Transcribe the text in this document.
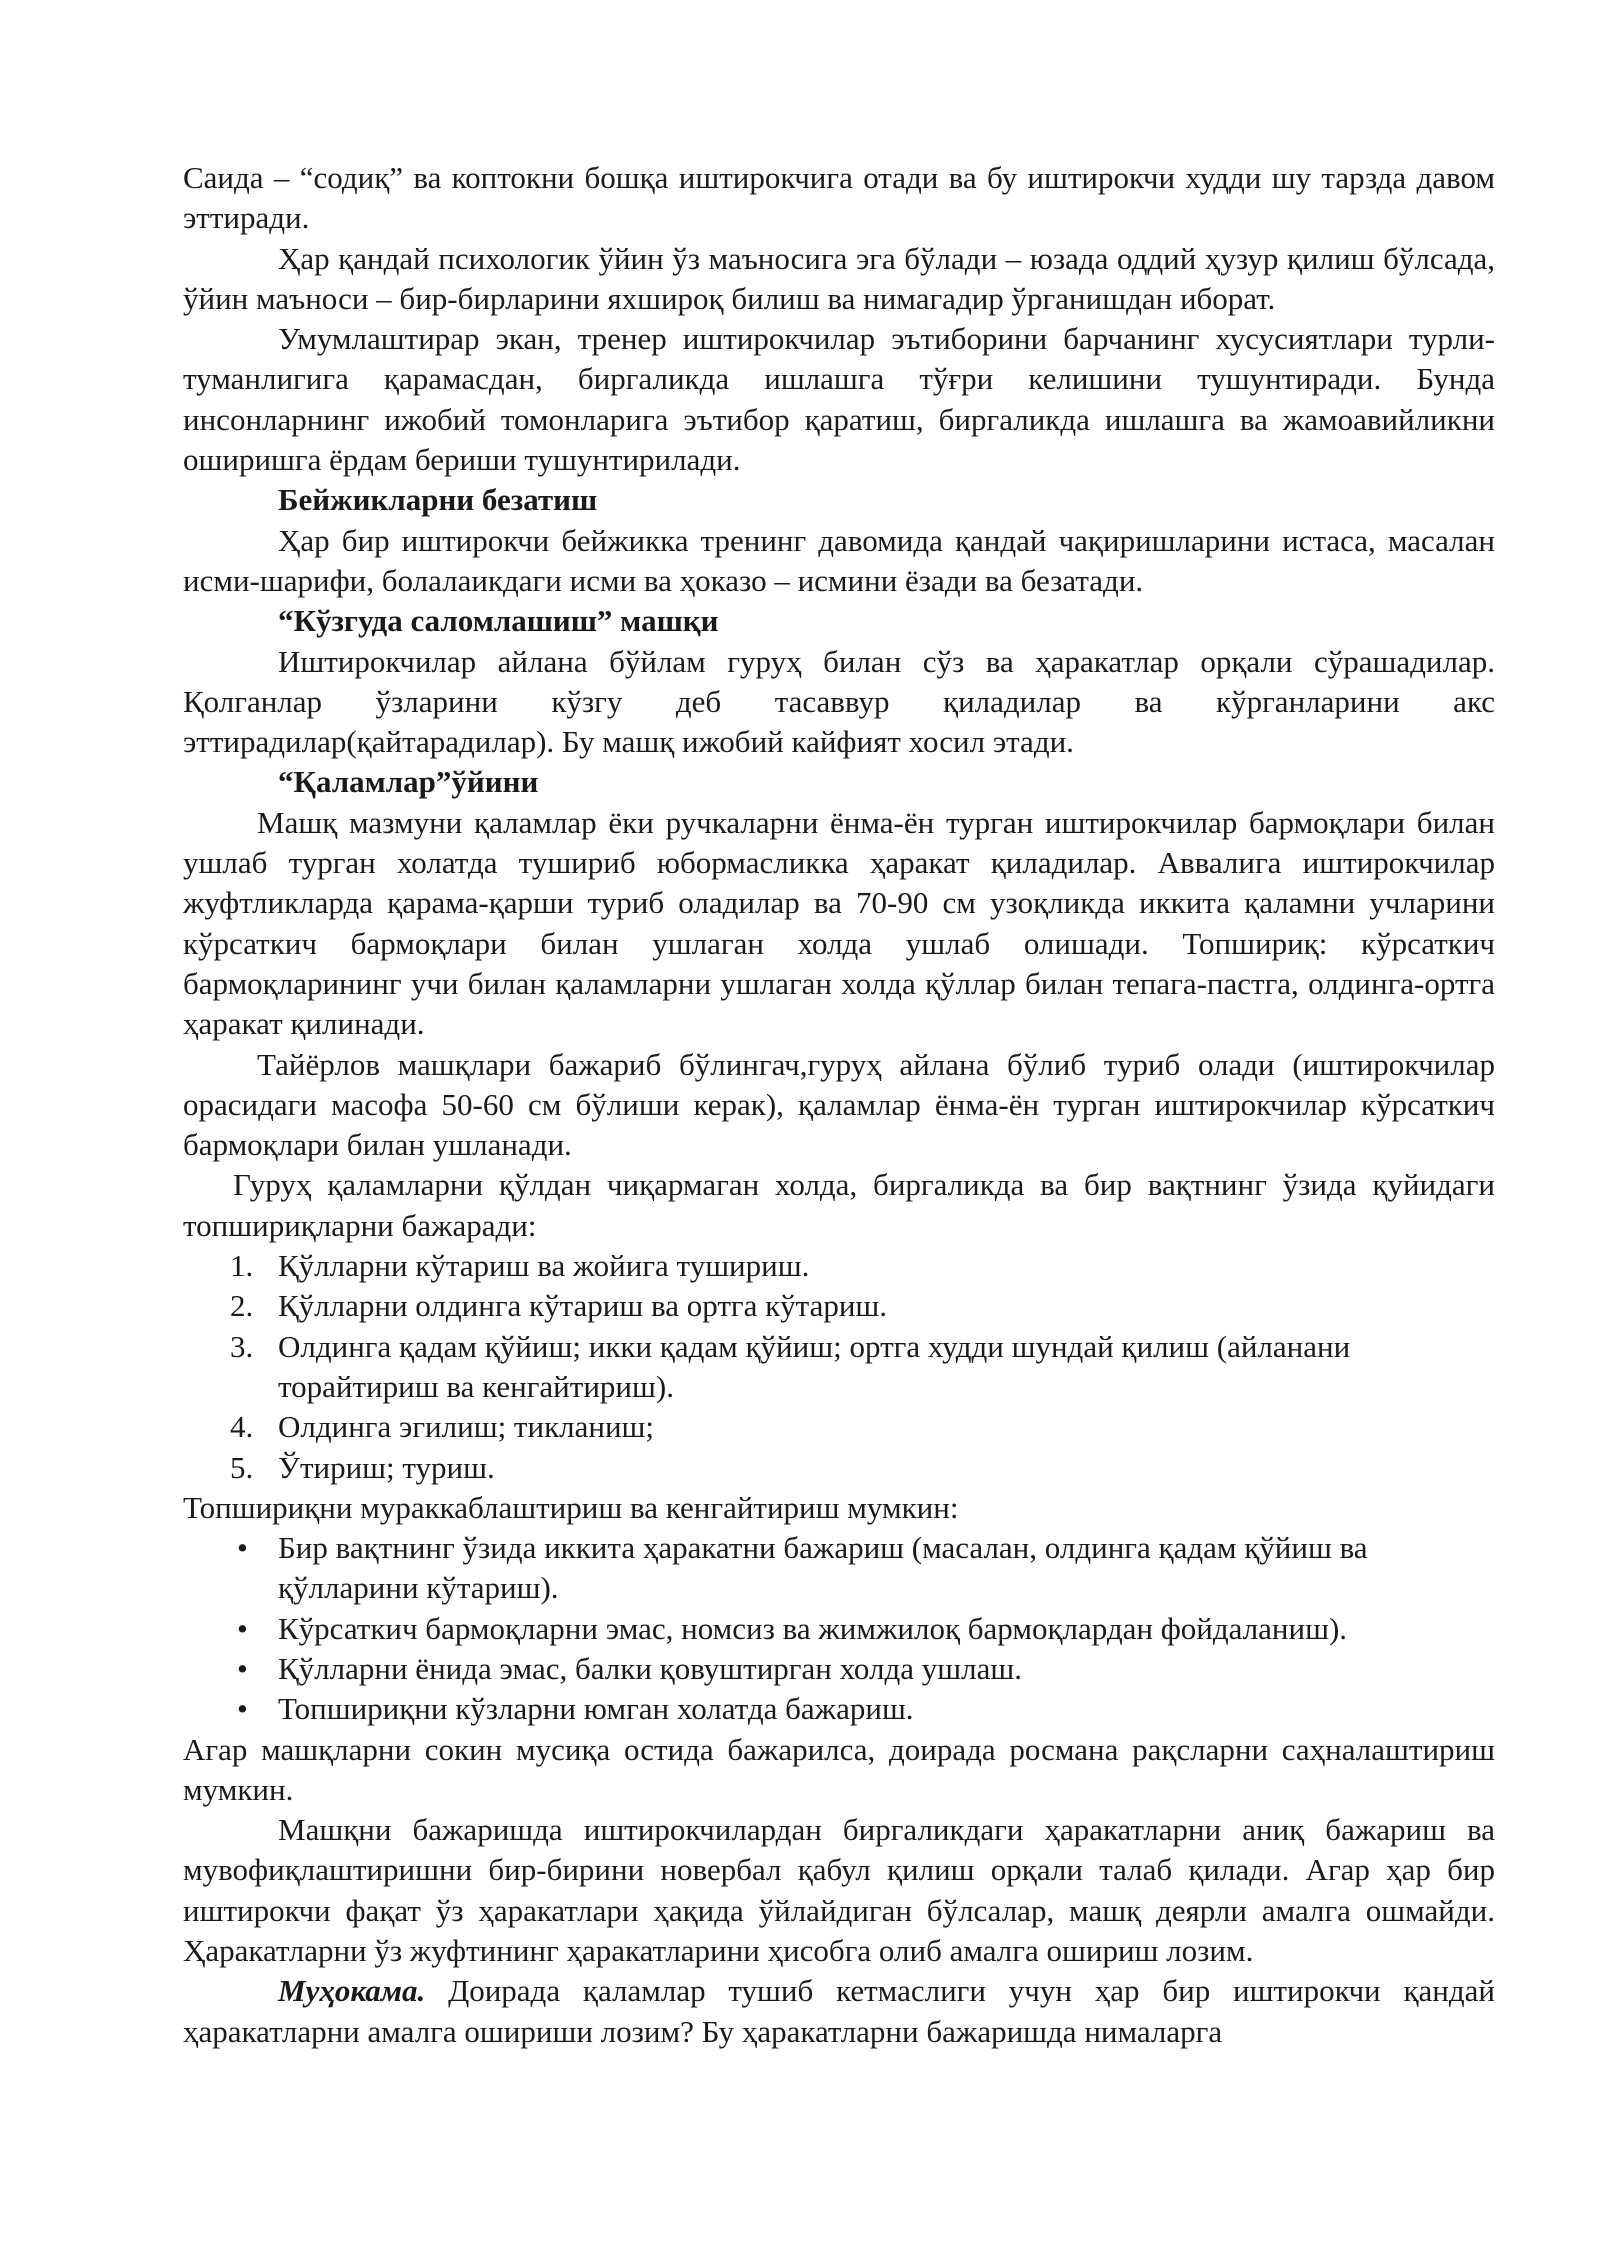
Саида – “содиқ” ва коптокни бошқа иштирокчига отади ва бу иштирокчи худди шу тарзда давом эттиради.

Ҳар қандай психологик ўйин ўз маъносига эга бўлади – юзада оддий ҳузур қилиш бўлсада, ўйин маъноси – бир-бирларини яхшироқ билиш ва нимагадир ўрганишдан иборат.

Умумлаштирар экан, тренер иштирокчилар эътиборини барчанинг хусусиятлари турли-туманлигига қарамасдан, биргаликда ишлашга тўғри келишини тушунтиради. Бунда инсонларнинг ижобий томонларига эътибор қаратиш, биргаликда ишлашга ва жамоавийликни оширишга ёрдам бериши тушунтирилади.

Бейжикларни безатиш

Ҳар бир иштирокчи бейжикка тренинг давомида қандай чақиришларини истаса, масалан исми-шарифи, болалаикдаги исми ва ҳоказо – исмини ёзади ва безатади.

“Кўзгуда саломлашиш” машқи

Иштирокчилар айлана бўйлам гуруҳ билан сўз ва ҳаракатлар орқали сўрашадилар. Қолганлар ўзларини кўзгу деб тасаввур қиладилар ва кўрганларини акс эттирадилар(қайтарадилар). Бу машқ ижобий кайфият хосил этади.

“Қаламлар”ўйини

Машқ мазмуни қаламлар ёки ручкаларни ёнма-ён турган иштирокчилар бармоқлари билан ушлаб турган холатда тушириб юбормасликка ҳаракат қиладилар. Аввалига иштирокчилар жуфтликларда қарама-қарши туриб оладилар ва 70-90 см узоқликда иккита қаламни учларини кўрсаткич бармоқлари билан ушлаган холда ушлаб олишади. Топшириқ: кўрсаткич бармоқларининг учи билан қаламларни ушлаган холда қўллар билан тепага-пастга, олдинга-ортга ҳаракат қилинади.

Тайёрлов машқлари бажариб бўлингач,гуруҳ айлана бўлиб туриб олади (иштирокчилар орасидаги масофа 50-60 см бўлиши керак), қаламлар ёнма-ён турган иштирокчилар кўрсаткич бармоқлари билан ушланади.

Гуруҳ қаламларни қўлдан чиқармаган холда, биргаликда ва бир вақтнинг ўзида қуйидаги топшириқларни бажаради:

1. Қўлларни кўтариш ва жойига тушириш.
2. Қўлларни олдинга кўтариш ва ортга кўтариш.
3. Олдинга қадам қўйиш; икки қадам қўйиш; ортга худди шундай қилиш (айланани торайтириш ва кенгайтириш).
4. Олдинга эгилиш; тикланиш;
5. Ўтириш; туриш.

Топшириқни мураккаблаштириш ва кенгайтириш мумкин:

• Бир вақтнинг ўзида иккита ҳаракатни бажариш (масалан, олдинга қадам қўйиш ва қўлларини кўтариш).
• Кўрсаткич бармоқларни эмас, номсиз ва жимжилоқ бармоқлардан фойдаланиш).
• Қўлларни ёнида эмас, балки қовуштирган холда ушлаш.
• Топшириқни кўзларни юмган холатда бажариш.

Агар машқларни сокин мусиқа остида бажарилса, доирада росмана рақсларни саҳналаштириш мумкин.

Машқни бажаришда иштирокчилардан биргаликдаги ҳаракатларни аниқ бажариш ва мувофиқлаштиришни бир-бирини новербал қабул қилиш орқали талаб қилади. Агар ҳар бир иштирокчи фақат ўз ҳаракатлари ҳақида ўйлайдиган бўлсалар, машқ деярли амалга ошмайди. Ҳаракатларни ўз жуфтининг ҳаракатларини ҳисобга олиб амалга ошириш лозим.

Муҳокама. Доирада қаламлар тушиб кетмаслиги учун ҳар бир иштирокчи қандай ҳаракатларни амалга ошириши лозим? Бу ҳаракатларни бажаришда нималарга
